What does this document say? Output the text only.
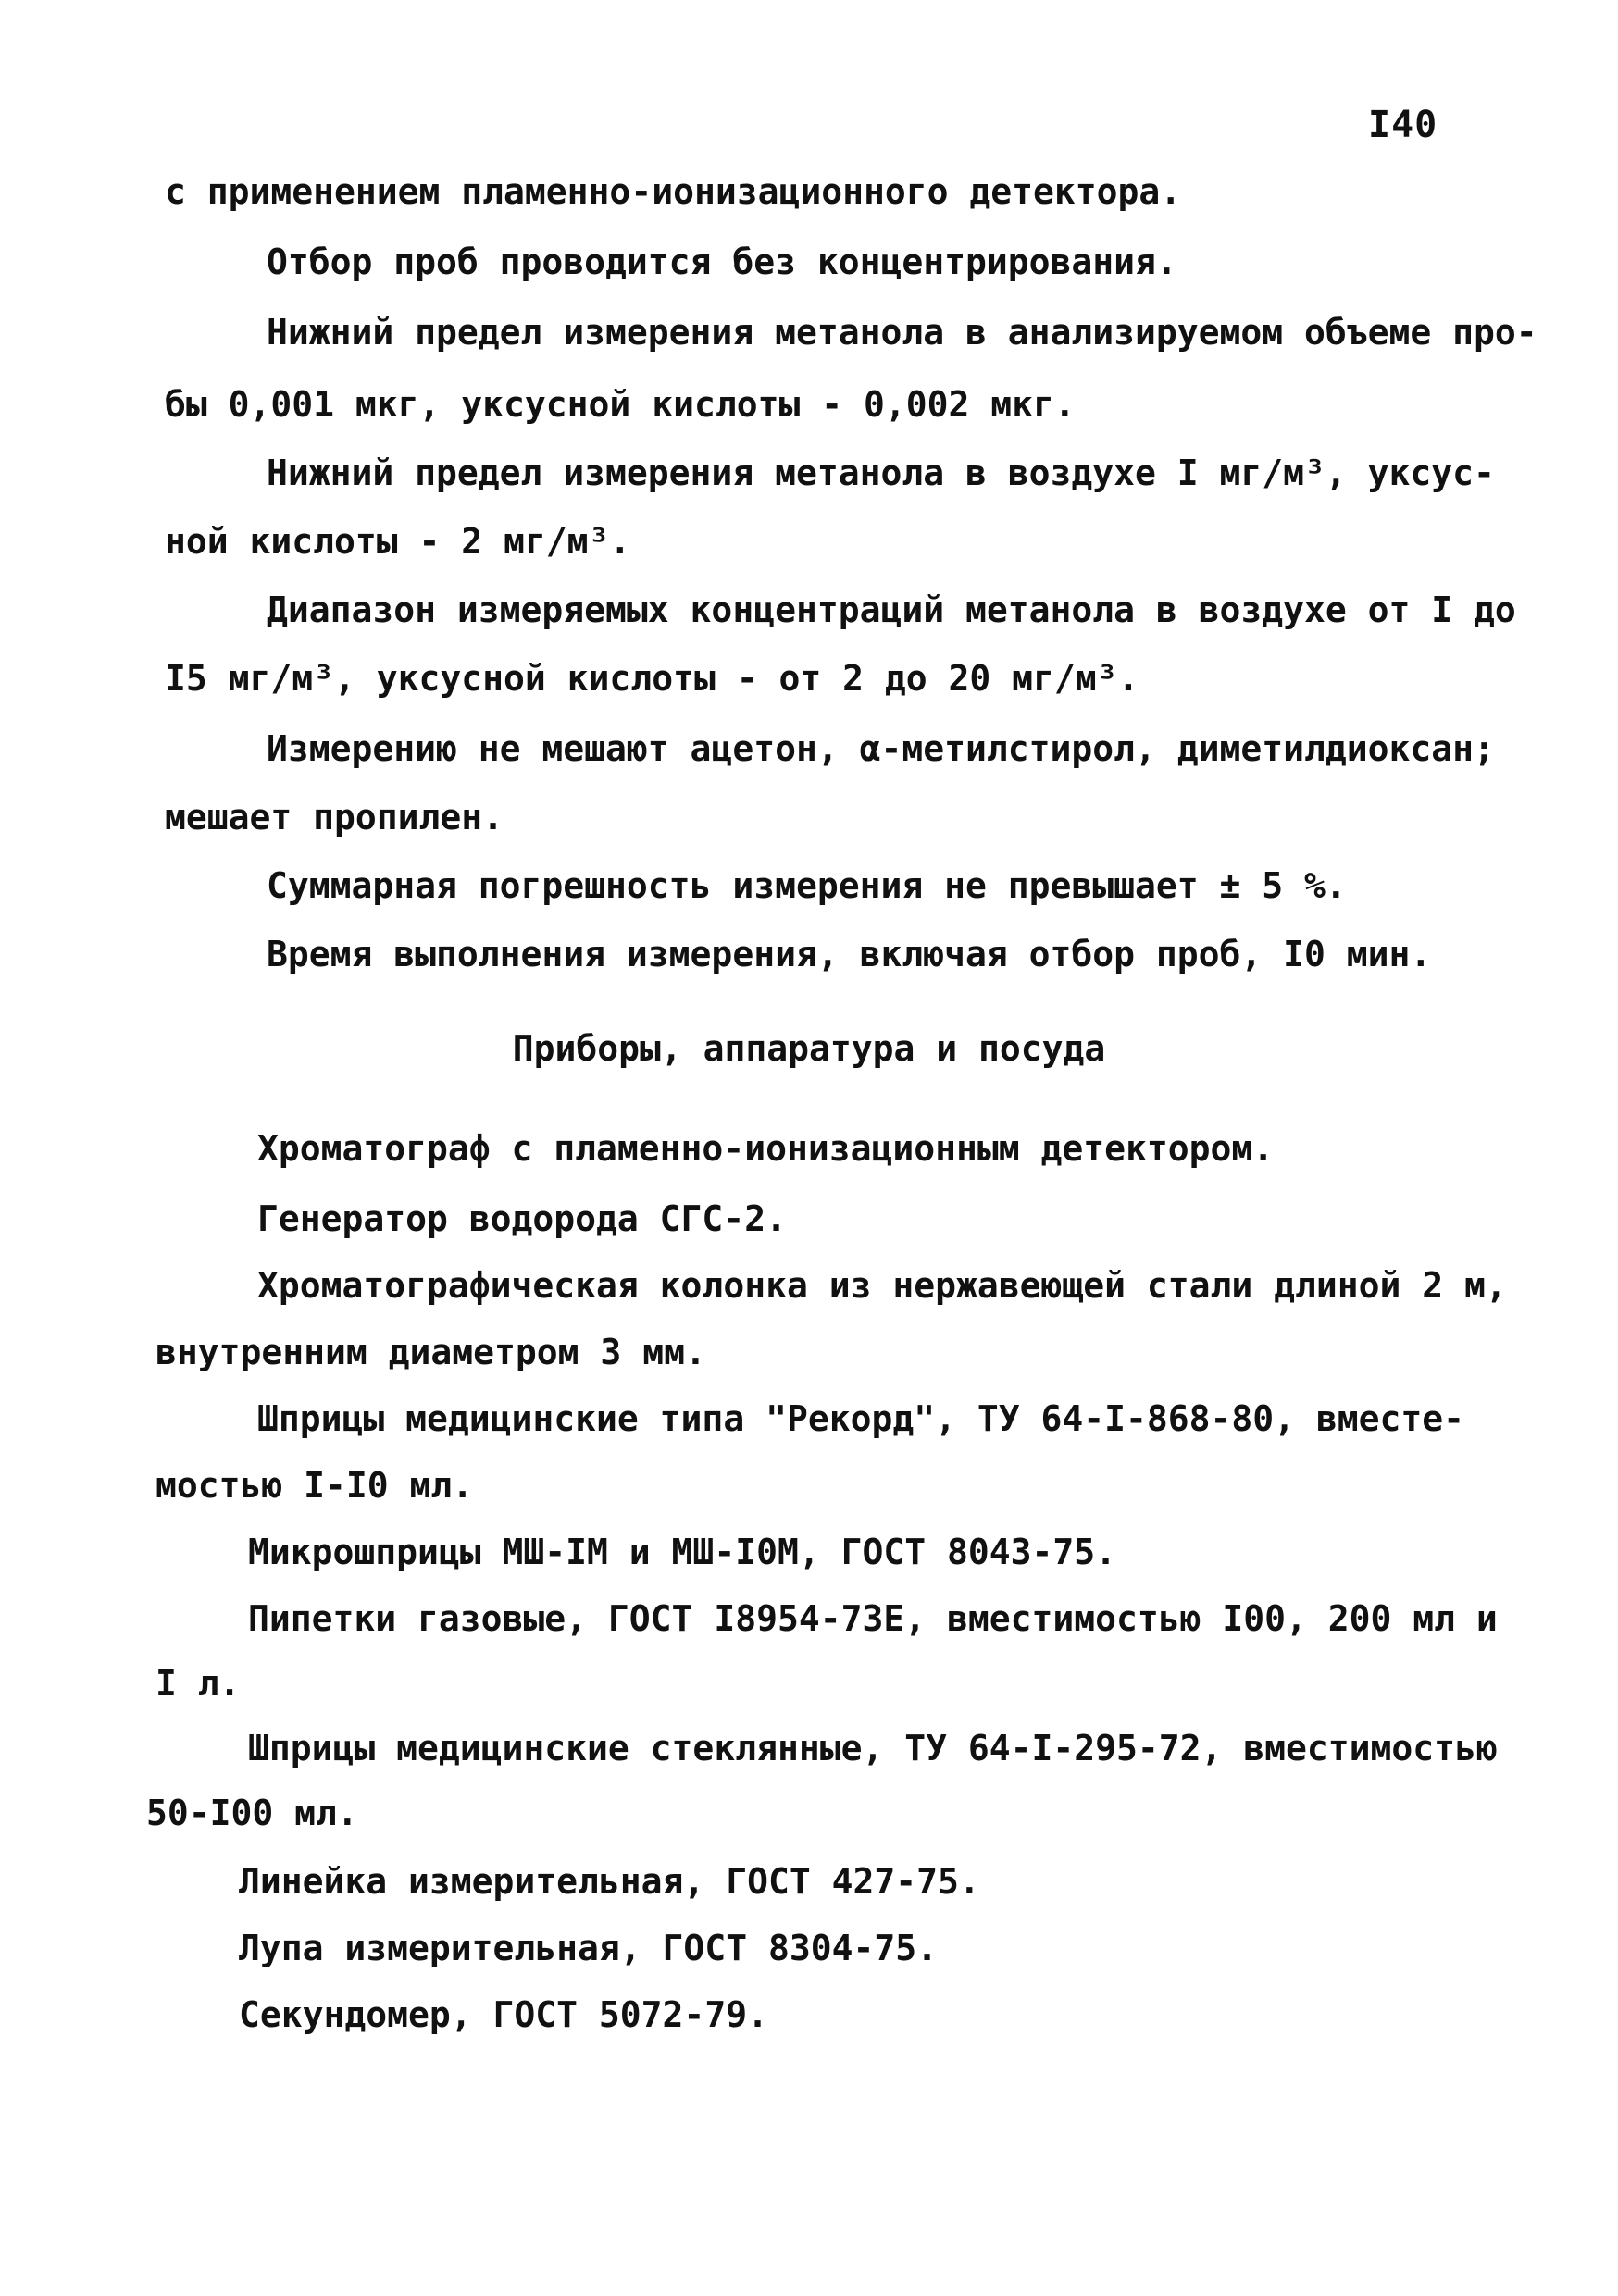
I40
с применением пламенно-ионизационного детектора.
Отбор проб проводится без концентрирования.
Нижний предел измерения метанола в анализируемом объеме про-
бы 0,001 мкг, уксусной кислоты - 0,002 мкг.
Нижний предел измерения метанола в воздухе I мг/м³, уксус-
ной кислоты - 2 мг/м³.
Диапазон измеряемых концентраций метанола в воздухе от I до
I5 мг/м³, уксусной кислоты - от 2 до 20 мг/м³.
Измерению не мешают ацетон, α-метилстирол, диметилдиоксан;
мешает пропилен.
Суммарная погрешность измерения не превышает ± 5 %.
Время выполнения измерения, включая отбор проб, I0 мин.
Приборы, аппаратура и посуда
Хроматограф с пламенно-ионизационным детектором.
Генератор водорода СГС-2.
Хроматографическая колонка из нержавеющей стали длиной 2 м,
внутренним диаметром 3 мм.
Шприцы медицинские типа "Рекорд", ТУ 64-I-868-80, вместе-
мостью I-I0 мл.
Микрошприцы МШ-IМ и МШ-I0М, ГОСТ 8043-75.
Пипетки газовые, ГОСТ I8954-73Е, вместимостью I00, 200 мл и
I л.
Шприцы медицинские стеклянные, ТУ 64-I-295-72, вместимостью
50-I00 мл.
Линейка измерительная, ГОСТ 427-75.
Лупа измерительная, ГОСТ 8304-75.
Секундомер, ГОСТ 5072-79.
